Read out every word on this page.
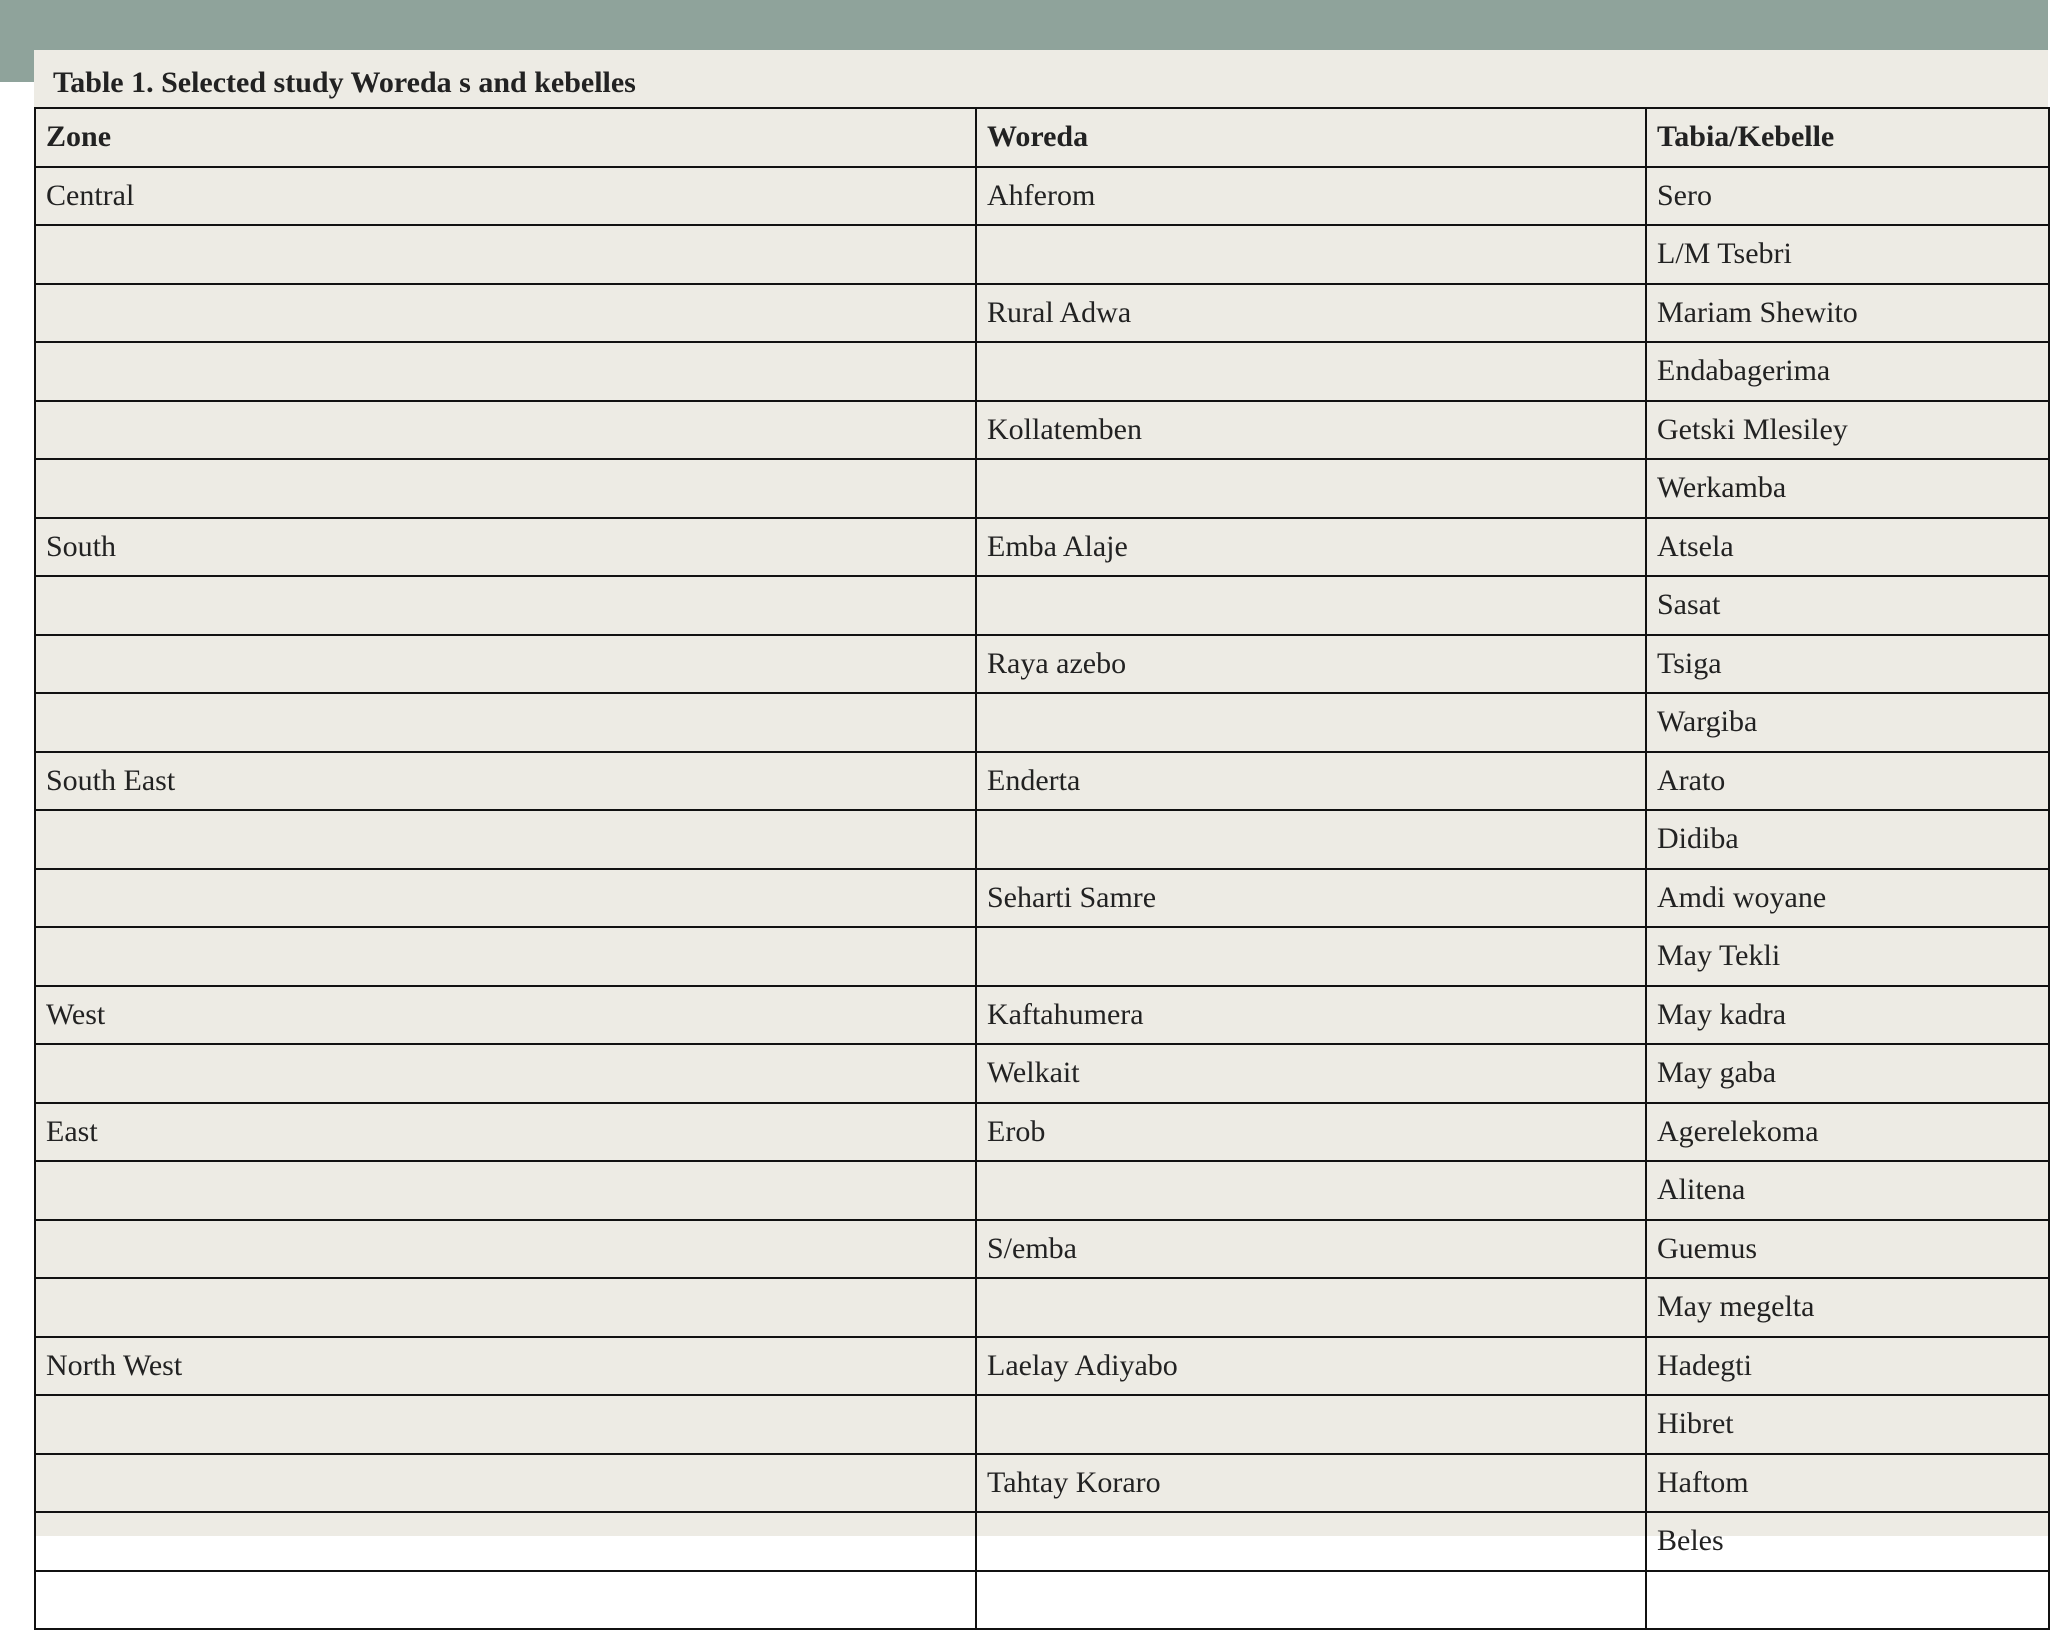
Table 1. Selected study Woreda s and kebelles
Zone	Woreda	Tabia/Kebelle
Central	Ahferom	Sero
		L/M Tsebri
	Rural Adwa	Mariam Shewito
		Endabagerima
	Kollatemben	Getski Mlesiley
		Werkamba
South	Emba Alaje	Atsela
		Sasat
	Raya azebo	Tsiga
		Wargiba
South East	Enderta	Arato
		Didiba
	Seharti Samre	Amdi woyane
		May Tekli
West	Kaftahumera	May kadra
	Welkait	May gaba
East	Erob	Agerelekoma
		Alitena
	S/emba	Guemus
		May megelta
North West	Laelay Adiyabo	Hadegti
		Hibret
	Tahtay Koraro	Haftom
		Beles
